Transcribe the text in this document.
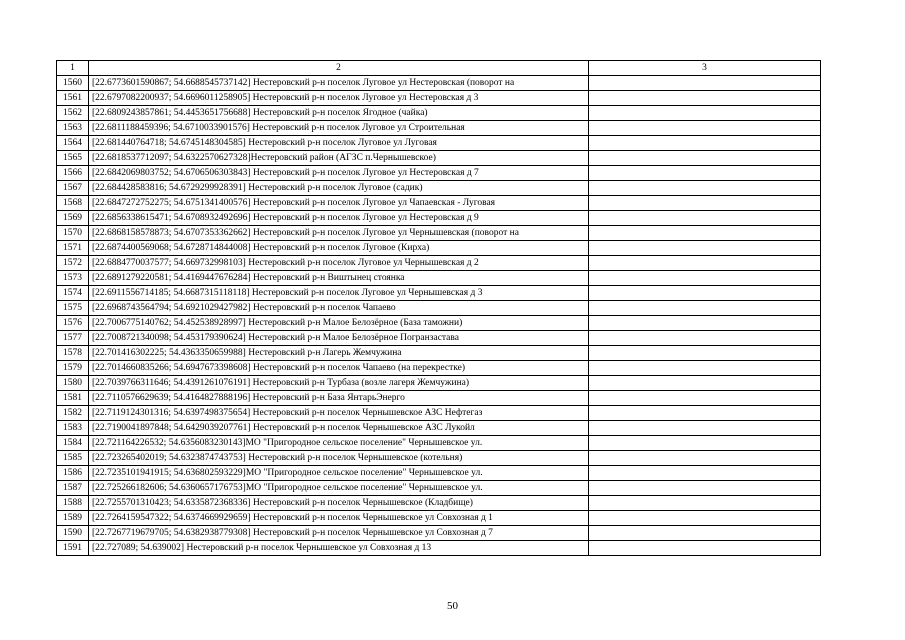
1	2	3
1560	[22.6773601590867; 54.6688545737142] Нестеровский р-н поселок Луговое ул Нестеровская (поворот на	
1561	[22.6797082200937; 54.6696011258905] Нестеровский р-н поселок Луговое ул Нестеровская д 3	
1562	[22.6809243857861; 54.4453651756688] Нестеровский р-н поселок Ягодное (чайка)	
1563	[22.6811188459396; 54.6710033901576] Нестеровский р-н поселок Луговое ул Строительная	
1564	[22.681440764718; 54.6745148304585] Нестеровский р-н поселок Луговое ул Луговая	
1565	[22.6818537712097; 54.6322570627328]Нестеровский район (АГЗС п.Чернышевское)	
1566	[22.6842069803752; 54.6706506303843] Нестеровский р-н поселок Луговое ул Нестеровская д 7	
1567	[22.684428583816; 54.6729299928391] Нестеровский р-н поселок Луговое (садик)	
1568	[22.6847272752275; 54.6751341400576] Нестеровский р-н поселок Луговое ул Чапаевская - Луговая	
1569	[22.6856338615471; 54.6708932492696] Нестеровский р-н поселок Луговое ул Нестеровская д 9	
1570	[22.6868158578873; 54.6707353362662] Нестеровский р-н поселок Луговое ул Чернышевская (поворот на	
1571	[22.6874400569068; 54.6728714844008] Нестеровский р-н поселок Луговое (Кирха)	
1572	[22.6884770037577; 54.669732998103] Нестеровский р-н поселок Луговое ул Чернышевская д 2	
1573	[22.6891279220581; 54.4169447676284] Нестеровский р-н Виштынец стоянка	
1574	[22.6911556714185; 54.6687315118118] Нестеровский р-н поселок Луговое ул Чернышевская д 3	
1575	[22.6968743564794; 54.6921029427982] Нестеровский р-н поселок Чапаево	
1576	[22.7006775140762; 54.452538928997] Нестеровский р-н Малое Белозёрное (База таможни)	
1577	[22.7008721340098; 54.453179390624] Нестеровский р-н Малое Белозёрное Погранзастава	
1578	[22.701416302225; 54.4363350659988] Нестеровский р-н Лагерь Жемчужина	
1579	[22.7014660835266; 54.6947673398608] Нестеровский р-н поселок Чапаево (на перекрестке)	
1580	[22.7039766311646; 54.4391261076191] Нестеровский р-н Турбаза (возле лагеря Жемчужина)	
1581	[22.7110576629639; 54.4164827888196] Нестеровский р-н База ЯнтарьЭнерго	
1582	[22.7119124301316; 54.6397498375654] Нестеровский р-н поселок Чернышевское АЗС Нефтегаз	
1583	[22.7190041897848; 54.6429039207761] Нестеровский р-н поселок Чернышевское АЗС Лукойл	
1584	[22.721164226532; 54.6356083230143]МО "Пригородное сельское поселение" Чернышевское ул.	
1585	[22.723265402019; 54.6323874743753] Нестеровский р-н поселок Чернышевское (котельня)	
1586	[22.7235101941915; 54.636802593229]МО "Пригородное сельское поселение" Чернышевское ул.	
1587	[22.725266182606; 54.6360657176753]МО "Пригородное сельское поселение" Чернышевское ул.	
1588	[22.7255701310423; 54.6335872368336] Нестеровский р-н поселок Чернышевское (Кладбище)	
1589	[22.7264159547322; 54.6374669929659] Нестеровский р-н поселок Чернышевское ул Совхозная д 1	
1590	[22.7267719679705; 54.6382938779308] Нестеровский р-н поселок Чернышевское ул Совхозная д 7	
1591	[22.727089; 54.639002] Нестеровский р-н поселок Чернышевское ул Совхозная д 13	
50
